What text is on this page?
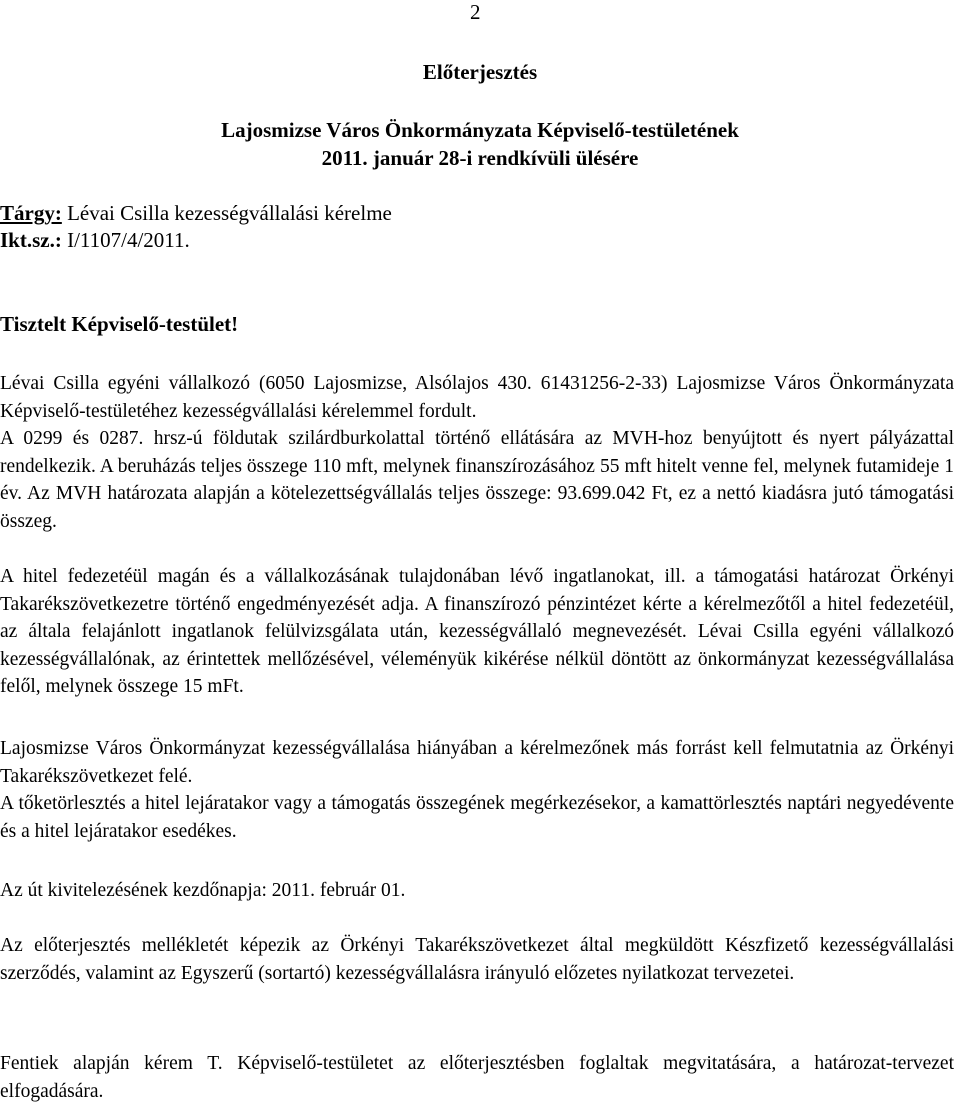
2
Előterjesztés
Lajosmizse Város Önkormányzata Képviselő-testületének
2011. január 28-i rendkívüli ülésére
Tárgy: Lévai Csilla kezességvállalási kérelme
Ikt.sz.: I/1107/4/2011.
Tisztelt Képviselő-testület!
Lévai Csilla egyéni vállalkozó (6050 Lajosmizse, Alsólajos 430. 61431256-2-33) Lajosmizse Város Önkormányzata Képviselő-testületéhez kezességvállalási kérelemmel fordult.
A 0299 és 0287. hrsz-ú földutak szilárdburkolattal történő ellátására az MVH-hoz benyújtott és nyert pályázattal rendelkezik. A beruházás teljes összege 110 mft, melynek finanszírozásához 55 mft hitelt venne fel, melynek futamideje 1 év. Az MVH határozata alapján a kötelezettségvállalás teljes összege: 93.699.042 Ft, ez a nettó kiadásra jutó támogatási összeg.
A hitel fedezetéül magán és a vállalkozásának tulajdonában lévő ingatlanokat, ill. a támogatási határozat Örkényi Takarékszövetkezetre történő engedményezését adja. A finanszírozó pénzintézet kérte a kérelmezőtől a hitel fedezetéül, az általa felajánlott ingatlanok felülvizsgálata után, kezességvállaló megnevezését. Lévai Csilla egyéni vállalkozó kezességvállalónak, az érintettek mellőzésével, véleményük kikérése nélkül döntött az önkormányzat kezességvállalása felől, melynek összege 15 mFt.
Lajosmizse Város Önkormányzat kezességvállalása hiányában a kérelmezőnek más forrást kell felmutatnia az Örkényi Takarékszövetkezet felé.
A tőketörlesztés a hitel lejáratakor vagy a támogatás összegének megérkezésekor, a kamattörlesztés naptári negyedévente és a hitel lejáratakor esedékes.
Az út kivitelezésének kezdőnapja: 2011. február 01.
Az előterjesztés mellékletét képezik az Örkényi Takarékszövetkezet által megküldött Készfizető kezességvállalási szerződés, valamint az Egyszerű (sortartó) kezességvállalásra irányuló előzetes nyilatkozat tervezetei.
Fentiek alapján kérem T. Képviselő-testületet az előterjesztésben foglaltak megvitatására, a határozat-tervezet elfogadására.
